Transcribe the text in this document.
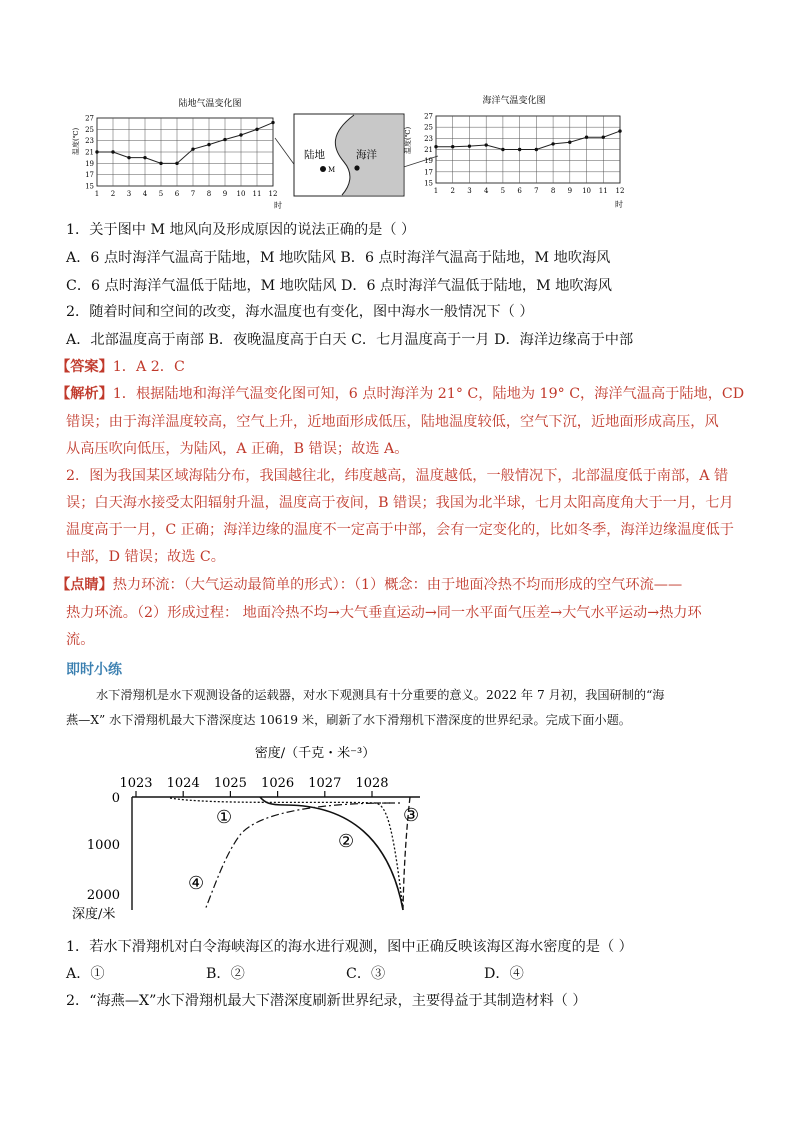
陆地气温变化图
温度(℃)
27
25
23
21
19
17
15
1 2 3 4 5 6 7 8 9 10 11 12
时
陆地	海洋
M
海洋气温变化图
温度(℃)
27
25
23
21
19
17
15
1 2 3 4 5 6 7 8 9 10 11 12
时
1．关于图中 M 地风向及形成原因的说法正确的是（ ）
A．6 点时海洋气温高于陆地，M 地吹陆风 B．6 点时海洋气温高于陆地，M 地吹海风
C．6 点时海洋气温低于陆地，M 地吹陆风 D．6 点时海洋气温低于陆地，M 地吹海风
2．随着时间和空间的改变，海水温度也有变化，图中海水一般情况下（ ）
A．北部温度高于南部 B．夜晚温度高于白天 C．七月温度高于一月 D．海洋边缘高于中部
【答案】1．A 2．C
【解析】1．根据陆地和海洋气温变化图可知，6 点时海洋为 21° C，陆地为 19° C，海洋气温高于陆地，CD
错误；由于海洋温度较高，空气上升，近地面形成低压，陆地温度较低，空气下沉，近地面形成高压，风
从高压吹向低压，为陆风，A 正确，B 错误；故选 A。
2．图为我国某区域海陆分布，我国越往北，纬度越高，温度越低，一般情况下，北部温度低于南部，A 错
误；白天海水接受太阳辐射升温，温度高于夜间，B 错误；我国为北半球，七月太阳高度角大于一月，七月
温度高于一月，C 正确；海洋边缘的温度不一定高于中部，会有一定变化的，比如冬季，海洋边缘温度低于
中部，D 错误；故选 C。
【点睛】热力环流：（大气运动最简单的形式）：（1）概念：由于地面冷热不均而形成的空气环流——
热力环流。（2）形成过程： 地面冷热不均→大气垂直运动→同一水平面气压差→大气水平运动→热力环
流。
即时小练
水下滑翔机是水下观测设备的运载器，对水下观测具有十分重要的意义。2022 年 7 月初，我国研制的“海
燕—X” 水下滑翔机最大下潜深度达 10619 米，刷新了水下滑翔机下潜深度的世界纪录。完成下面小题。
密度/（千克・米⁻³）
1023 1024 1025 1026 1027 1028
0
1000
2000
深度/米
①
②
③
④
1．若水下滑翔机对白令海峡海区的海水进行观测，图中正确反映该海区海水密度的是（ ）
A．①	B．②	C．③	D．④
2．“海燕—X”水下滑翔机最大下潜深度刷新世界纪录，主要得益于其制造材料（ ）
